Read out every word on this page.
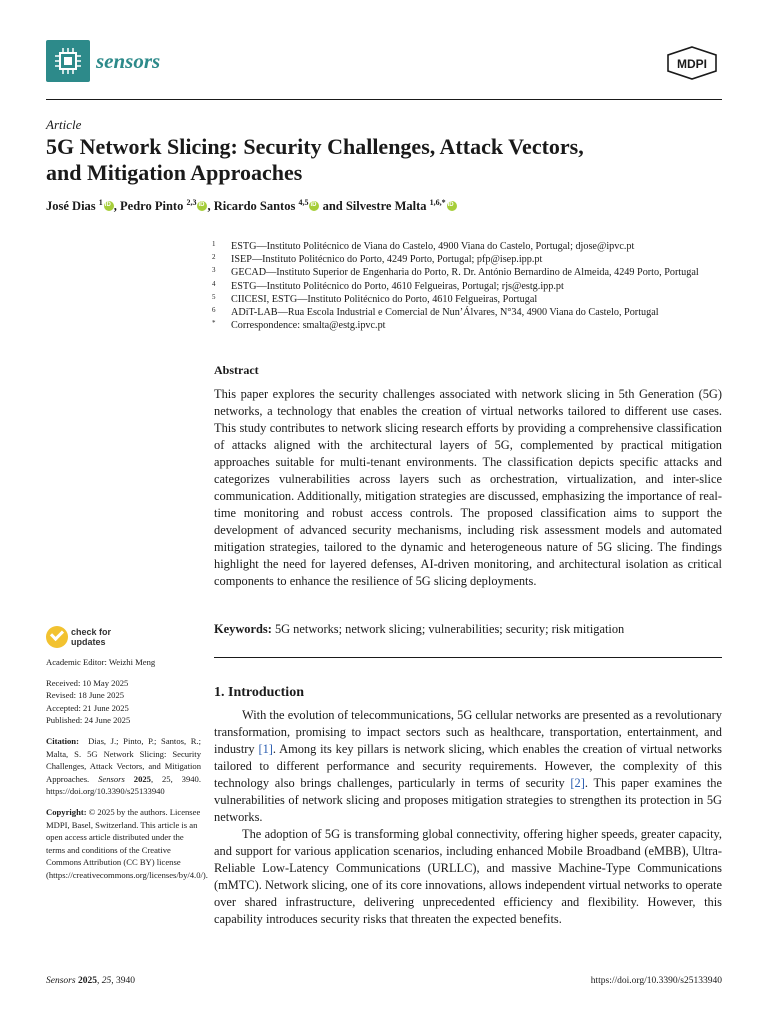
sensors	MDPI
Article
5G Network Slicing: Security Challenges, Attack Vectors,
and Mitigation Approaches
José Dias $^1$ iD , Pedro Pinto $^{2,3}$ iD , Ricardo Santos $^{4,5}$iD and Silvestre Malta $^{1,6,*}$iD
1 ESTG—Instituto Politécnico de Viana do Castelo, 4900 Viana do Castelo, Portugal; djose@ipvc.pt
2 ISEP—Instituto Politécnico do Porto, 4249 Porto, Portugal; pfp@isep.ipp.pt
3 GECAD—Instituto Superior de Engenharia do Porto, R. Dr. António Bernardino de Almeida, 4249 Porto, Portugal
4 ESTG—Instituto Politécnico do Porto, 4610 Felgueiras, Portugal; rjs@estg.ipp.pt
5 CIICESI, ESTG—Instituto Politécnico do Porto, 4610 Felgueiras, Portugal
6 ADiT-LAB—Rua Escola Industrial e Comercial de Nun’Álvares, N°34, 4900 Viana do Castelo, Portugal
* Correspondence: smalta@estg.ipvc.pt
Abstract
This paper explores the security challenges associated with network slicing in 5th Generation (5G) networks, a technology that enables the creation of virtual networks tailored to different use cases. This study contributes to network slicing research efforts by providing a comprehensive classification of attacks aligned with the architectural layers of 5G, complemented by practical mitigation approaches suitable for multi-tenant environments. The classification depicts specific attacks and categorizes vulnerabilities across layers such as orchestration, virtualization, and inter-slice communication. Additionally, mitigation strategies are discussed, emphasizing the importance of real-time monitoring and robust access controls. The proposed classification aims to support the development of advanced security mechanisms, including risk assessment models and automated mitigation strategies, tailored to the dynamic and heterogeneous nature of 5G slicing. The findings highlight the need for layered defenses, AI-driven monitoring, and architectural isolation as critical components to enhance the resilience of 5G slicing deployments.
Keywords: 5G networks; network slicing; vulnerabilities; security; risk mitigation
check for
updates
Academic Editor: Weizhi Meng
Received: 10 May 2025
Revised: 18 June 2025
Accepted: 21 June 2025
Published: 24 June 2025
Citation: Dias, J.; Pinto, P.; Santos, R.; Malta, S. 5G Network Slicing: Security Challenges, Attack Vectors, and Mitigation Approaches. Sensors 2025, 25, 3940. https://doi.org/10.3390/s25133940
Copyright: © 2025 by the authors. Licensee MDPI, Basel, Switzerland. This article is an open access article distributed under the terms and conditions of the Creative Commons Attribution (CC BY) license (https://creativecommons.org/licenses/by/4.0/).
1. Introduction

With the evolution of telecommunications, 5G cellular networks are presented as a revolutionary transformation, promising to impact sectors such as healthcare, transportation, entertainment, and industry [1]. Among its key pillars is network slicing, which enables the creation of virtual networks tailored to different performance and security requirements. However, the complexity of this technology also brings challenges, particularly in terms of security [2]. This paper examines the vulnerabilities of network slicing and proposes mitigation strategies to strengthen its protection in 5G networks.

The adoption of 5G is transforming global connectivity, offering higher speeds, greater capacity, and support for various application scenarios, including enhanced Mobile Broadband (eMBB), Ultra-Reliable Low-Latency Communications (URLLC), and massive Machine-Type Communications (mMTC). Network slicing, one of its core innovations, allows independent virtual networks to operate over shared infrastructure, delivering unprecedented efficiency and flexibility. However, this capability introduces security risks that threaten the expected benefits.

Sensors 2025, 25, 3940	https://doi.org/10.3390/s25133940
